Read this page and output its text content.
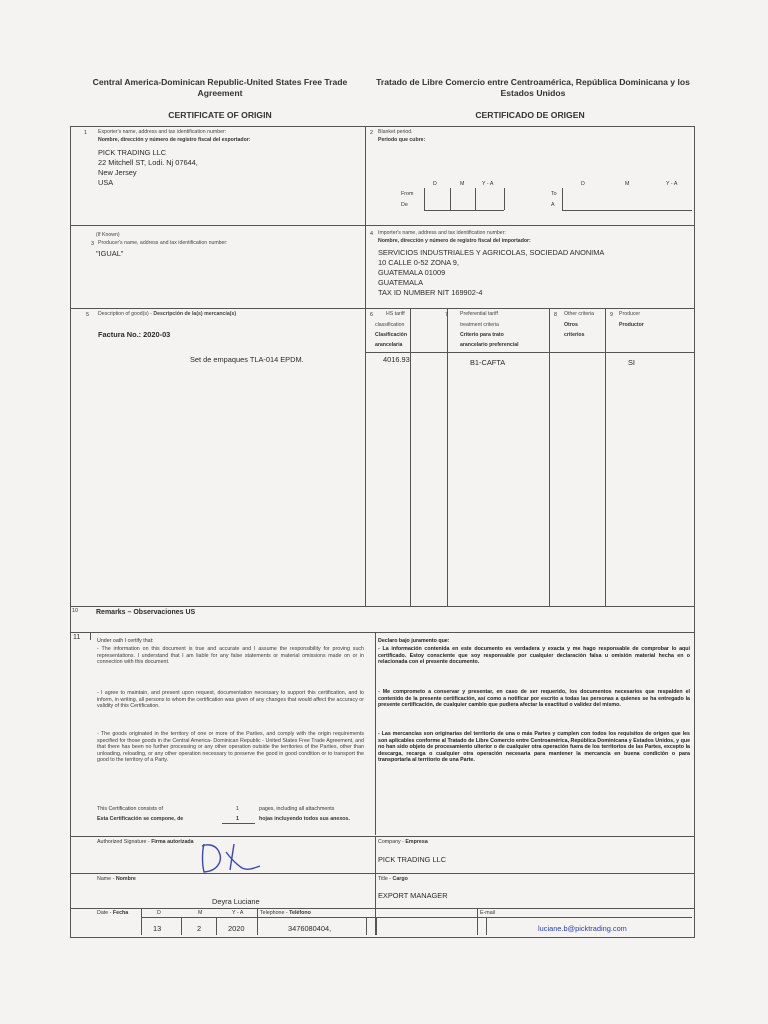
Central America-Dominican Republic-United States Free Trade Agreement
Tratado de Libre Comercio entre Centroamérica, República Dominicana y los Estados Unidos
CERTIFICATE OF ORIGIN	CERTIFICADO DE ORIGEN
1 Exporter's name, address and tax identification number:
Nombre, dirección y número de registro fiscal del exportador:
PICK TRADING LLC
22 Mitchell ST, Lodi. Nj 07644,
New Jersey
USA
2 Blanket period.
Periodo que cubre:
D	M	Y - A	D	M	Y - A
From
De
To
A
(If Known)
3 Producer's name, address and tax identification number:
"IGUAL"
4 Importer's name, address and tax identification number:
Nombre, dirección y número de registro fiscal del importador:
SERVICIOS INDUSTRIALES Y AGRICOLAS, SOCIEDAD ANONIMA
10 CALLE 0-52 ZONA 9,
GUATEMALA 01009
GUATEMALA
TAX ID NUMBER NIT 169902-4
5 Description of good(s) - Descripción de la(s) mercancía(s)
Factura No.: 2020-03
6	HS tariff
classification
Clasificación
arancelaria
7 Preferential tariff
treatment criteria
Criterio para trato
arancelario preferencial
8 Other criteria
Otros
criterios
9 Producer
Productor
Set de empaques TLA-014 EPDM.	4016.93	B1-CAFTA	SI
10	Remarks – Observaciones US
11	Under oath I certify that:
- The information on this document is true and accurate and I assume the responsibility for proving such representations. I understand that I am liable for any false statements or material omissions made on or in connection with this document.
- I agree to maintain, and present upon request, documentation necessary to support this certification, and to inform, in writing, all persons to whom the certification was given of any changes that would affect the accuracy or validity of this Certification.
- The goods originated in the territory of one or more of the Parties, and comply with the origin requirements specified for those goods in the Central America- Dominican Republic - United States Free Trade Agreement, and that there has been no further processing or any other operation outside the territories of the Parties, other than unloading, reloading, or any other operation necessary to preserve the good in good condition or to transport the good to the territory of a Party.
Declaro bajo juramento que:
- La información contenida en este documento es verdadera y exacta y me hago responsable de comprobar lo aquí certificado. Estoy consciente que soy responsable por cualquier declaración falsa u omisión material hecha en o relacionada con el presente documento.
- Me comprometo a conservar y presentar, en caso de ser requerido, los documentos necesarios que respalden el contenido de la presente certificación, así como a notificar por escrito a todas las personas a quienes se ha entregado la presente certificación, de cualquier cambio que pudiera afectar la exactitud o validez del mismo.
- Las mercancías son originarias del territorio de una o más Partes y cumplen con todos los requisitos de origen que les son aplicables conforme al Tratado de Libre Comercio entre Centroamérica, República Dominicana y Estados Unidos, y que no han sido objeto de procesamiento ulterior o de cualquier otra operación fuera de los territorios de las Partes, excepto la descarga, recarga o cualquier otra operación necesaria para mantener la mercancía en buena condición o para transportarla al territorio de una Parte.
This Certification consists of
Esta Certificación se compone, de
1
1
pages, including all attachments
hojas incluyendo todos sus anexos.
Authorized Signature - Firma autorizada	Company - Empresa
PICK TRADING LLC
Name - Nombre
Deyra Luciane
Title - Cargo
EXPORT MANAGER
Date - Fecha	D	M	Y - A	Telephone - Teléfono	E-mail
13	2	2020	3476080404,	luciane.b@picktrading.com
